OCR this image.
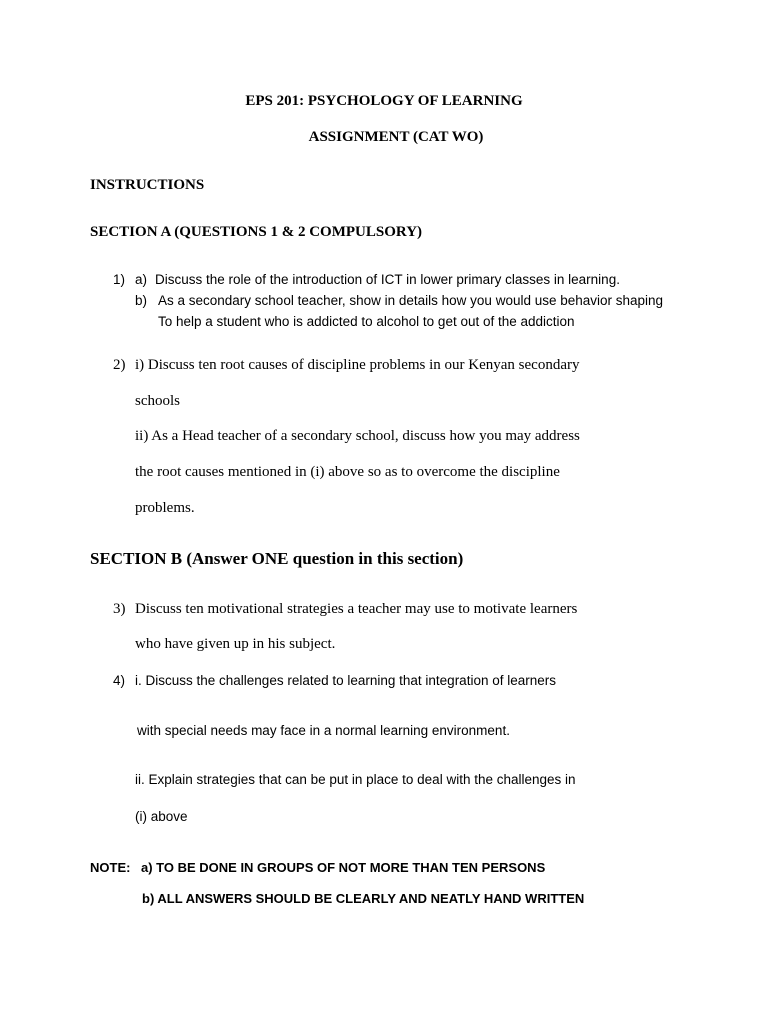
EPS 201: PSYCHOLOGY OF LEARNING
ASSIGNMENT (CAT WO)
INSTRUCTIONS
SECTION A (QUESTIONS 1 & 2 COMPULSORY)
1) a) Discuss the role of the introduction of ICT in lower primary classes in learning.
b) As a secondary school teacher, show in details how you would use behavior shaping
To help a student who is addicted to alcohol to get out of the addiction
2) i) Discuss ten root causes of discipline problems in our Kenyan secondary
schools
ii) As a Head teacher of a secondary school, discuss how you may address
the root causes mentioned in (i) above so as to overcome the discipline
problems.
SECTION B (Answer ONE question in this section)
3) Discuss ten motivational strategies a teacher may use to motivate learners
who have given up in his subject.
4) i. Discuss the challenges related to learning that integration of learners
with special needs may face in a normal learning environment.
ii. Explain strategies that can be put in place to deal with the challenges in
(i) above
NOTE: a) TO BE DONE IN GROUPS OF NOT MORE THAN TEN PERSONS
b) ALL ANSWERS SHOULD BE CLEARLY AND NEATLY HAND WRITTEN
